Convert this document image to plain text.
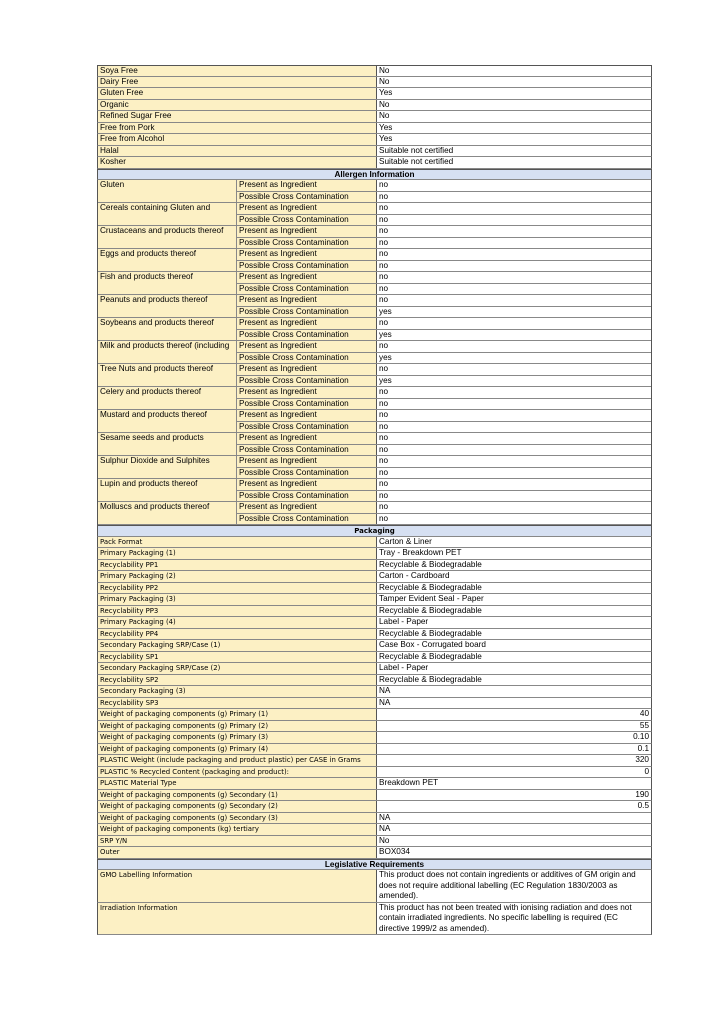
Soya Free	No
Dairy Free	No
Gluten Free	Yes
Organic	No
Refined Sugar Free	No
Free from Pork	Yes
Free from Alcohol	Yes
Halal	Suitable not certified
Kosher	Suitable not certified
Allergen Information
Gluten	Present as Ingredient	no
Possible Cross Contamination	no
Cereals containing Gluten and	Present as Ingredient	no
Possible Cross Contamination	no
Crustaceans and products thereof	Present as Ingredient	no
Possible Cross Contamination	no
Eggs and products thereof	Present as Ingredient	no
Possible Cross Contamination	no
Fish and products thereof	Present as Ingredient	no
Possible Cross Contamination	no
Peanuts and products thereof	Present as Ingredient	no
Possible Cross Contamination	yes
Soybeans and products thereof	Present as Ingredient	no
Possible Cross Contamination	yes
Milk and products thereof (including	Present as Ingredient	no
Possible Cross Contamination	yes
Tree Nuts and products thereof	Present as Ingredient	no
Possible Cross Contamination	yes
Celery and products thereof	Present as Ingredient	no
Possible Cross Contamination	no
Mustard and products thereof	Present as Ingredient	no
Possible Cross Contamination	no
Sesame seeds and products	Present as Ingredient	no
Possible Cross Contamination	no
Sulphur Dioxide and Sulphites	Present as Ingredient	no
Possible Cross Contamination	no
Lupin and products thereof	Present as Ingredient	no
Possible Cross Contamination	no
Molluscs and products thereof	Present as Ingredient	no
Possible Cross Contamination	no
Packaging
Pack Format	Carton & Liner
Primary Packaging (1)	Tray - Breakdown PET
Recyclability PP1	Recyclable & Biodegradable
Primary Packaging (2)	Carton - Cardboard
Recyclability PP2	Recyclable & Biodegradable
Primary Packaging (3)	Tamper Evident Seal - Paper
Recyclability PP3	Recyclable & Biodegradable
Primary Packaging (4)	Label - Paper
Recyclability PP4	Recyclable & Biodegradable
Secondary Packaging SRP/Case (1)	Case Box - Corrugated board
Recyclability SP1	Recyclable & Biodegradable
Secondary Packaging SRP/Case (2)	Label - Paper
Recyclability SP2	Recyclable & Biodegradable
Secondary Packaging (3)	NA
Recyclability SP3	NA
Weight of packaging components (g) Primary (1)	40
Weight of packaging components (g) Primary (2)	55
Weight of packaging components (g) Primary (3)	0.10
Weight of packaging components (g) Primary (4)	0.1
PLASTIC Weight (include packaging and product plastic) per CASE in Grams	320
PLASTIC % Recycled Content (packaging and product):	0
PLASTIC Material Type	Breakdown PET
Weight of packaging components (g) Secondary (1)	190
Weight of packaging components (g) Secondary (2)	0.5
Weight of packaging components (g) Secondary (3)	NA
Weight of packaging components (kg) tertiary	NA
SRP Y/N	No
Outer	BOX034
Legislative Requirements
GMO Labelling Information	This product does not contain ingredients or additives of GM origin and does not require additional labelling (EC Regulation 1830/2003 as amended).
Irradiation Information	This product has not been treated with ionising radiation and does not contain irradiated ingredients. No specific labelling is required (EC directive 1999/2 as amended).
